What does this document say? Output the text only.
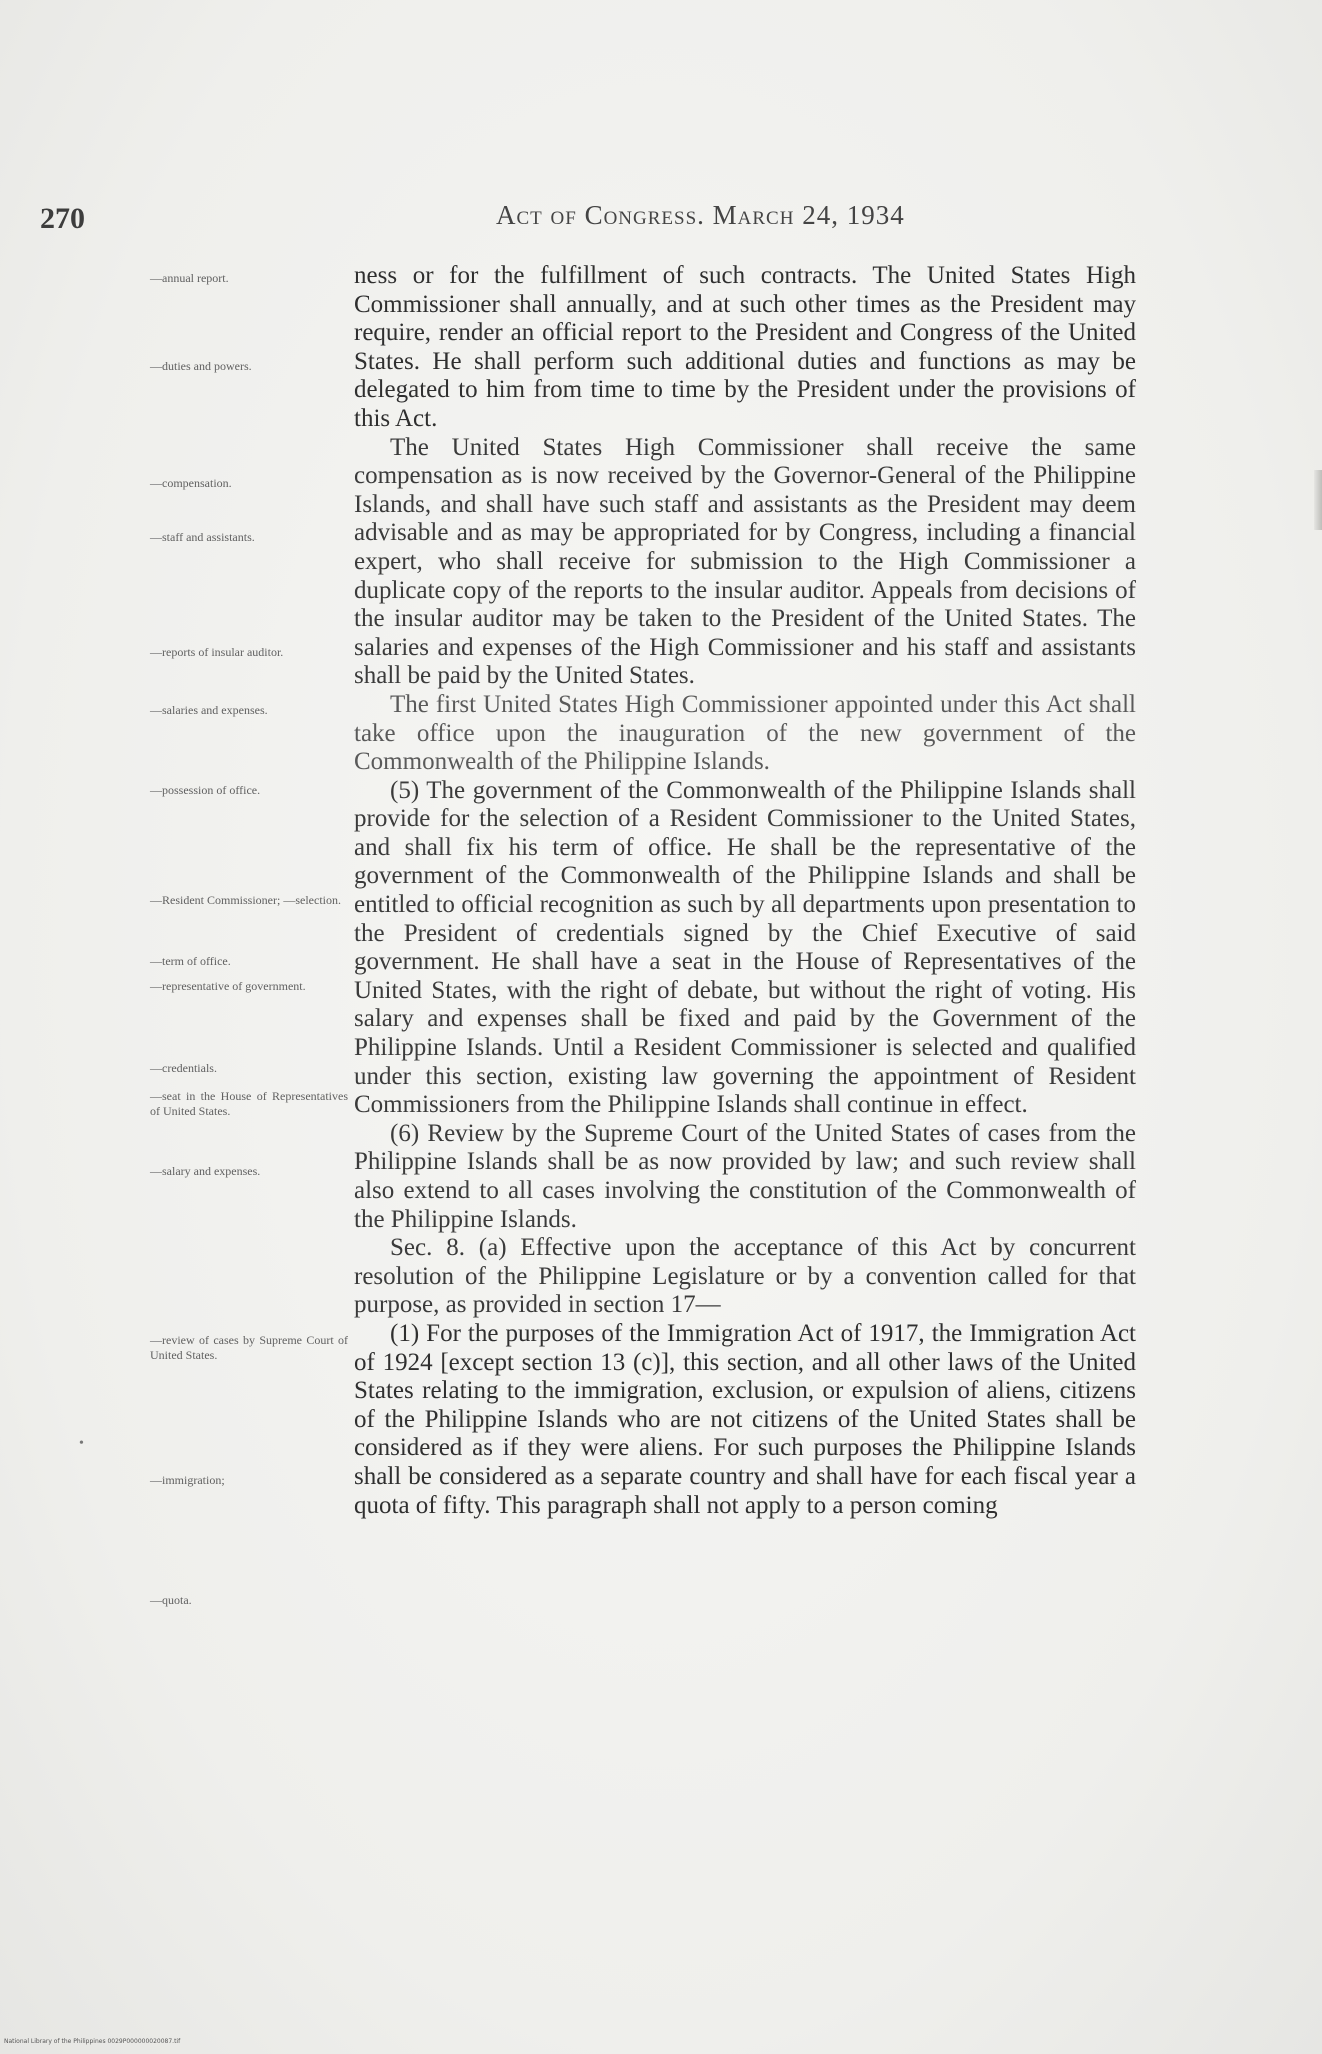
270	Act of Congress. March 24, 1934
—annual report.
—duties and powers.
—compensation.
—staff and assistants.
—reports of insular auditor.
—salaries and expenses.
—possession of office.
—Resident Commissioner; —selection.
—term of office.
—representative of government.
—credentials.
—seat in the House of Representatives of United States.
—salary and expenses.
—review of cases by Supreme Court of United States.
—immigration;
—quota.

ness or for the fulfillment of such contracts. The United States High Commissioner shall annually, and at such other times as the President may require, render an official report to the President and Congress of the United States. He shall perform such additional duties and functions as may be delegated to him from time to time by the President under the provisions of this Act.

The United States High Commissioner shall receive the same compensation as is now received by the Governor-General of the Philippine Islands, and shall have such staff and assistants as the President may deem advisable and as may be appropriated for by Congress, including a financial expert, who shall receive for submission to the High Commissioner a duplicate copy of the reports to the insular auditor. Appeals from decisions of the insular auditor may be taken to the President of the United States. The salaries and expenses of the High Commissioner and his staff and assistants shall be paid by the United States.

The first United States High Commissioner appointed under this Act shall take office upon the inauguration of the new government of the Commonwealth of the Philippine Islands.

(5) The government of the Commonwealth of the Philippine Islands shall provide for the selection of a Resident Commissioner to the United States, and shall fix his term of office. He shall be the representative of the government of the Commonwealth of the Philippine Islands and shall be entitled to official recognition as such by all departments upon presentation to the President of credentials signed by the Chief Executive of said government. He shall have a seat in the House of Representatives of the United States, with the right of debate, but without the right of voting. His salary and expenses shall be fixed and paid by the Government of the Philippine Islands. Until a Resident Commissioner is selected and qualified under this section, existing law governing the appointment of Resident Commissioners from the Philippine Islands shall continue in effect.

(6) Review by the Supreme Court of the United States of cases from the Philippine Islands shall be as now provided by law; and such review shall also extend to all cases involving the constitution of the Commonwealth of the Philippine Islands.

Sec. 8. (a) Effective upon the acceptance of this Act by concurrent resolution of the Philippine Legislature or by a convention called for that purpose, as provided in section 17—

(1) For the purposes of the Immigration Act of 1917, the Immigration Act of 1924 [except section 13 (c)], this section, and all other laws of the United States relating to the immigration, exclusion, or expulsion of aliens, citizens of the Philippine Islands who are not citizens of the United States shall be considered as if they were aliens. For such purposes the Philippine Islands shall be considered as a separate country and shall have for each fiscal year a quota of fifty. This paragraph shall not apply to a person coming

•
National Library of the Philippines 0029P000000020087.tif
